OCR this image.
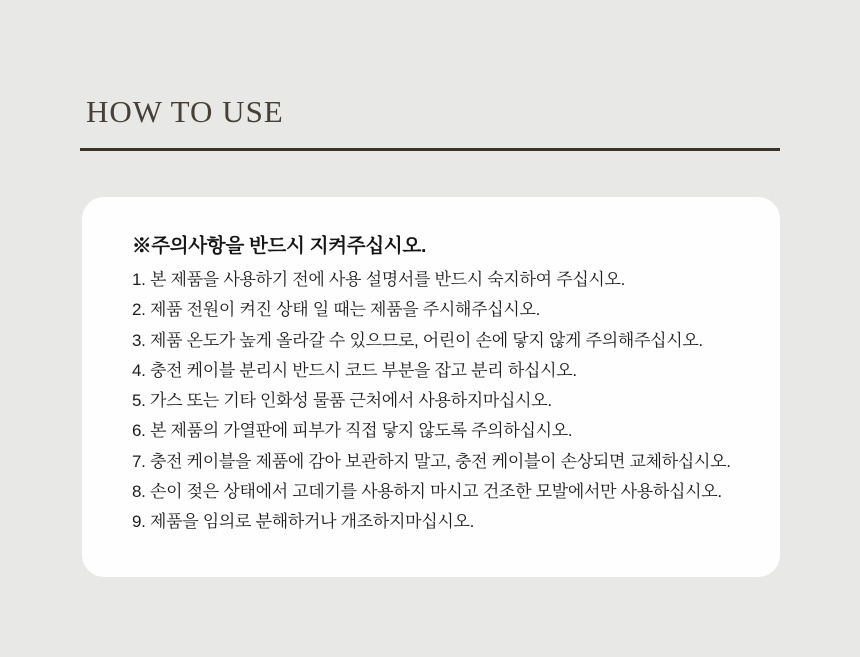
HOW TO USE
※주의사항을 반드시 지켜주십시오.
1. 본 제품을 사용하기 전에 사용 설명서를 반드시 숙지하여 주십시오.
2. 제품 전원이 켜진 상태 일 때는 제품을 주시해주십시오.
3. 제품 온도가 높게 올라갈 수 있으므로, 어린이 손에 닿지 않게 주의해주십시오.
4. 충전 케이블 분리시 반드시 코드 부분을 잡고 분리 하십시오.
5. 가스 또는 기타 인화성 물품 근처에서 사용하지마십시오.
6. 본 제품의 가열판에 피부가 직접 닿지 않도록 주의하십시오.
7. 충전 케이블을 제품에 감아 보관하지 말고, 충전 케이블이 손상되면 교체하십시오.
8. 손이 젖은 상태에서 고데기를 사용하지 마시고 건조한 모발에서만 사용하십시오.
9. 제품을 임의로 분해하거나 개조하지마십시오.
